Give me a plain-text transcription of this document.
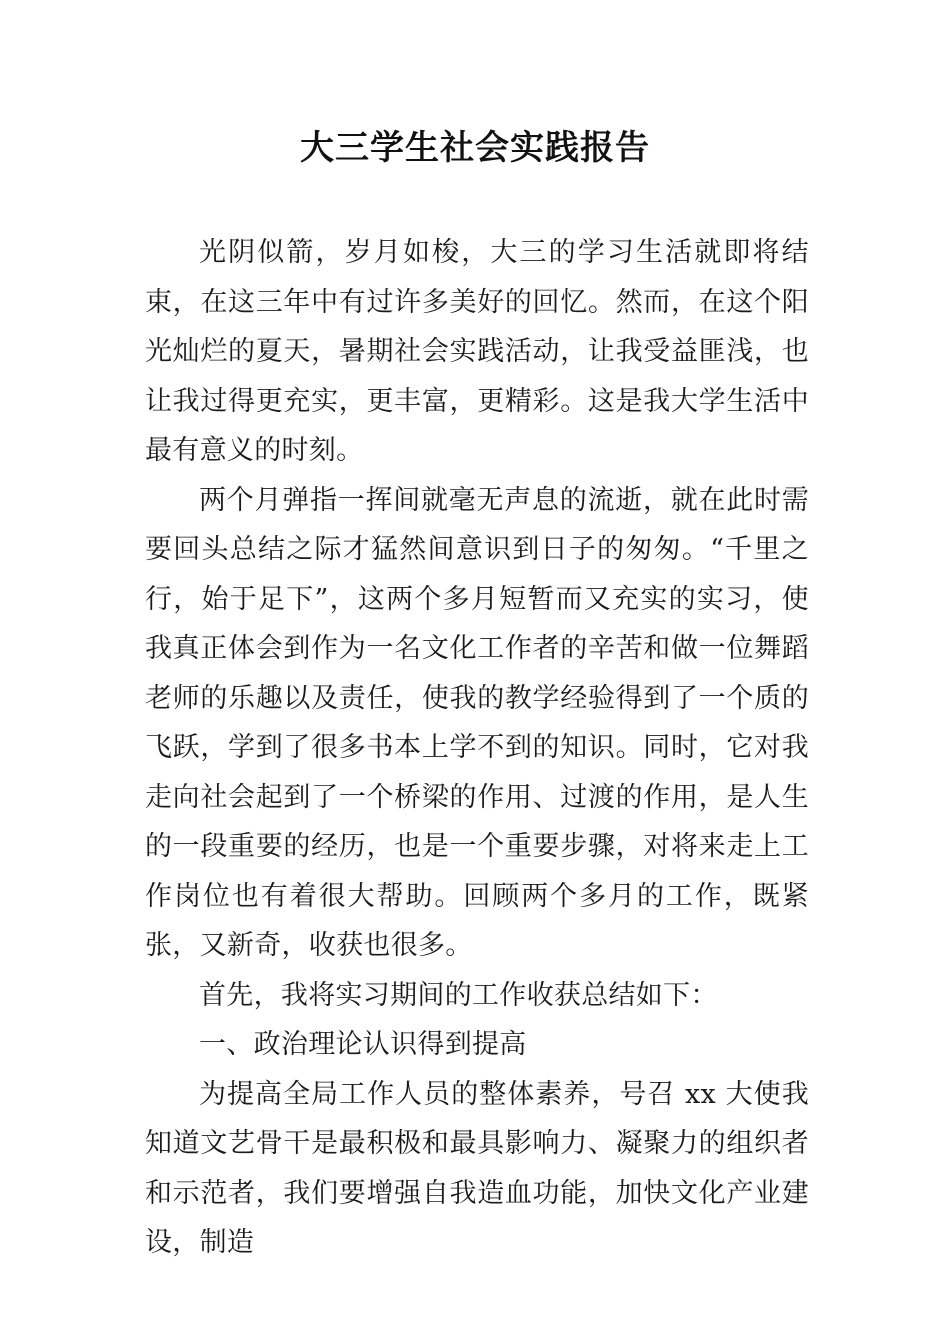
大三学生社会实践报告

光阴似箭，岁月如梭，大三的学习生活就即将结束，在这三年中有过许多美好的回忆。然而，在这个阳光灿烂的夏天，暑期社会实践活动，让我受益匪浅，也让我过得更充实，更丰富，更精彩。这是我大学生活中最有意义的时刻。

两个月弹指一挥间就毫无声息的流逝，就在此时需要回头总结之际才猛然间意识到日子的匆匆。“千里之行，始于足下”，这两个多月短暂而又充实的实习，使我真正体会到作为一名文化工作者的辛苦和做一位舞蹈老师的乐趣以及责任，使我的教学经验得到了一个质的飞跃，学到了很多书本上学不到的知识。同时，它对我走向社会起到了一个桥梁的作用、过渡的作用，是人生的一段重要的经历，也是一个重要步骤，对将来走上工作岗位也有着很大帮助。回顾两个多月的工作，既紧张，又新奇，收获也很多。

首先，我将实习期间的工作收获总结如下：

一、政治理论认识得到提高

为提高全局工作人员的整体素养，号召 xx 大使我知道文艺骨干是最积极和最具影响力、凝聚力的组织者和示范者，我们要增强自我造血功能，加快文化产业建设，制造
